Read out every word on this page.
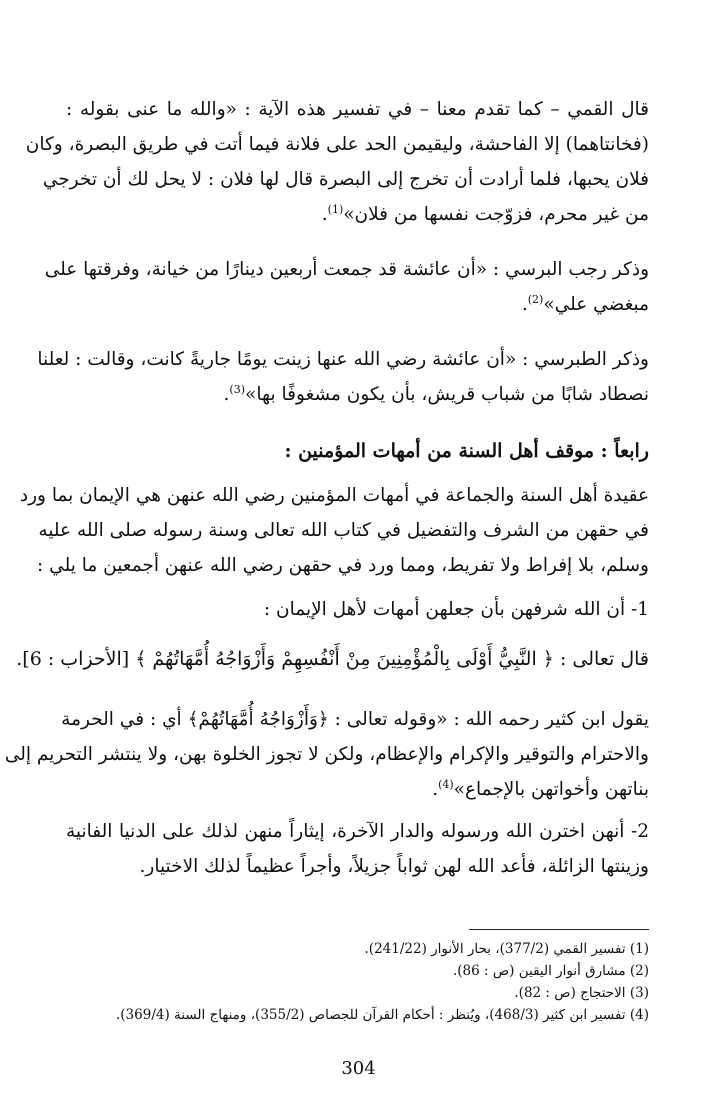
قال القمي – كما تقدم معنا – في تفسير هذه الآية : «والله ما عنى بقوله :
(فخانتاهما) إلا الفاحشة، وليقيمن الحد على فلانة فيما أتت في طريق البصرة، وكان
فلان يحبها، فلما أرادت أن تخرج إلى البصرة قال لها فلان : لا يحل لك أن تخرجي
من غير محرم، فزوّجت نفسها من فلان»$^{(1)}$.
وذكر رجب البرسي : «أن عائشة قد جمعت أربعين دينارًا من خيانة، وفرقتها على
مبغضي علي»$^{(2)}$.
وذكر الطبرسي : «أن عائشة رضي الله عنها زينت يومًا جاريةً كانت، وقالت : لعلنا
نصطاد شابًا من شباب قريش، بأن يكون مشغوفًا بها»$^{(3)}$.
رابعاً : موقف أهل السنة من أمهات المؤمنين :
عقيدة أهل السنة والجماعة في أمهات المؤمنين رضي الله عنهن هي الإيمان بما ورد
في حقهن من الشرف والتفضيل في كتاب الله تعالى وسنة رسوله صلى الله عليه
وسلم، بلا إفراط ولا تفريط، ومما ورد في حقهن رضي الله عنهن أجمعين ما يلي :
1- أن الله شرفهن بأن جعلهن أمهات لأهل الإيمان :
قال تعالى : ﴿ النَّبِيُّ أَوْلَى بِالْمُؤْمِنِينَ مِنْ أَنْفُسِهِمْ وَأَزْوَاجُهُ أُمَّهَاتُهُمْ ﴾ [الأحزاب : 6].
يقول ابن كثير رحمه الله : «وقوله تعالى : ﴿وَأَزْوَاجُهُ أُمَّهَاتُهُمْ﴾ أي : في الحرمة
والاحترام والتوقير والإكرام والإعظام، ولكن لا تجوز الخلوة بهن، ولا ينتشر التحريم إلى
بناتهن وأخواتهن بالإجماع»$^{(4)}$.
2- أنهن اخترن الله ورسوله والدار الآخرة، إيثاراً منهن لذلك على الدنيا الفانية
وزينتها الزائلة، فأعد الله لهن ثواباً جزيلاً، وأجراً عظيماً لذلك الاختيار.
(1) تفسير القمي (377/2)، بحار الأنوار (241/22).
(2) مشارق أنوار اليقين (ص : 86).
(3) الاحتجاج (ص : 82).
(4) تفسير ابن كثير (468/3)، ويُنظر : أحكام القرآن للجصاص (355/2)، ومنهاج السنة (369/4).
304
